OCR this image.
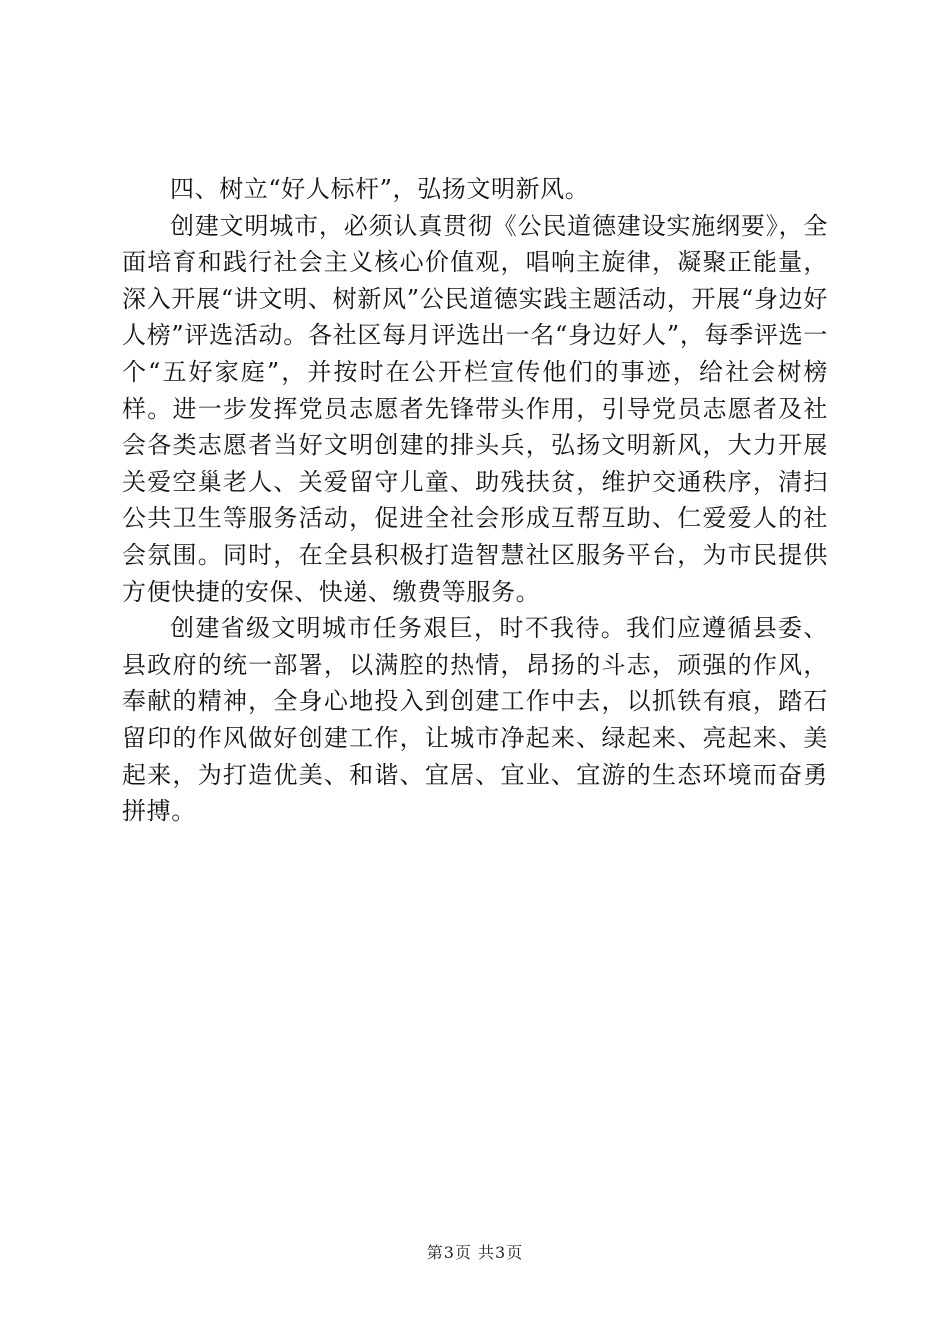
四、树立“好人标杆”，弘扬文明新风。

创建文明城市，必须认真贯彻《公民道德建设实施纲要》，全面培育和践行社会主义核心价值观，唱响主旋律，凝聚正能量，深入开展“讲文明、树新风”公民道德实践主题活动，开展“身边好人榜”评选活动。各社区每月评选出一名“身边好人”，每季评选一个“五好家庭”，并按时在公开栏宣传他们的事迹，给社会树榜样。进一步发挥党员志愿者先锋带头作用，引导党员志愿者及社会各类志愿者当好文明创建的排头兵，弘扬文明新风，大力开展关爱空巢老人、关爱留守儿童、助残扶贫，维护交通秩序，清扫公共卫生等服务活动，促进全社会形成互帮互助、仁爱爱人的社会氛围。同时，在全县积极打造智慧社区服务平台，为市民提供方便快捷的安保、快递、缴费等服务。

创建省级文明城市任务艰巨，时不我待。我们应遵循县委、县政府的统一部署，以满腔的热情，昂扬的斗志，顽强的作风，奉献的精神，全身心地投入到创建工作中去，以抓铁有痕，踏石留印的作风做好创建工作，让城市净起来、绿起来、亮起来、美起来，为打造优美、和谐、宜居、宜业、宜游的生态环境而奋勇拼搏。

第3页 共3页
